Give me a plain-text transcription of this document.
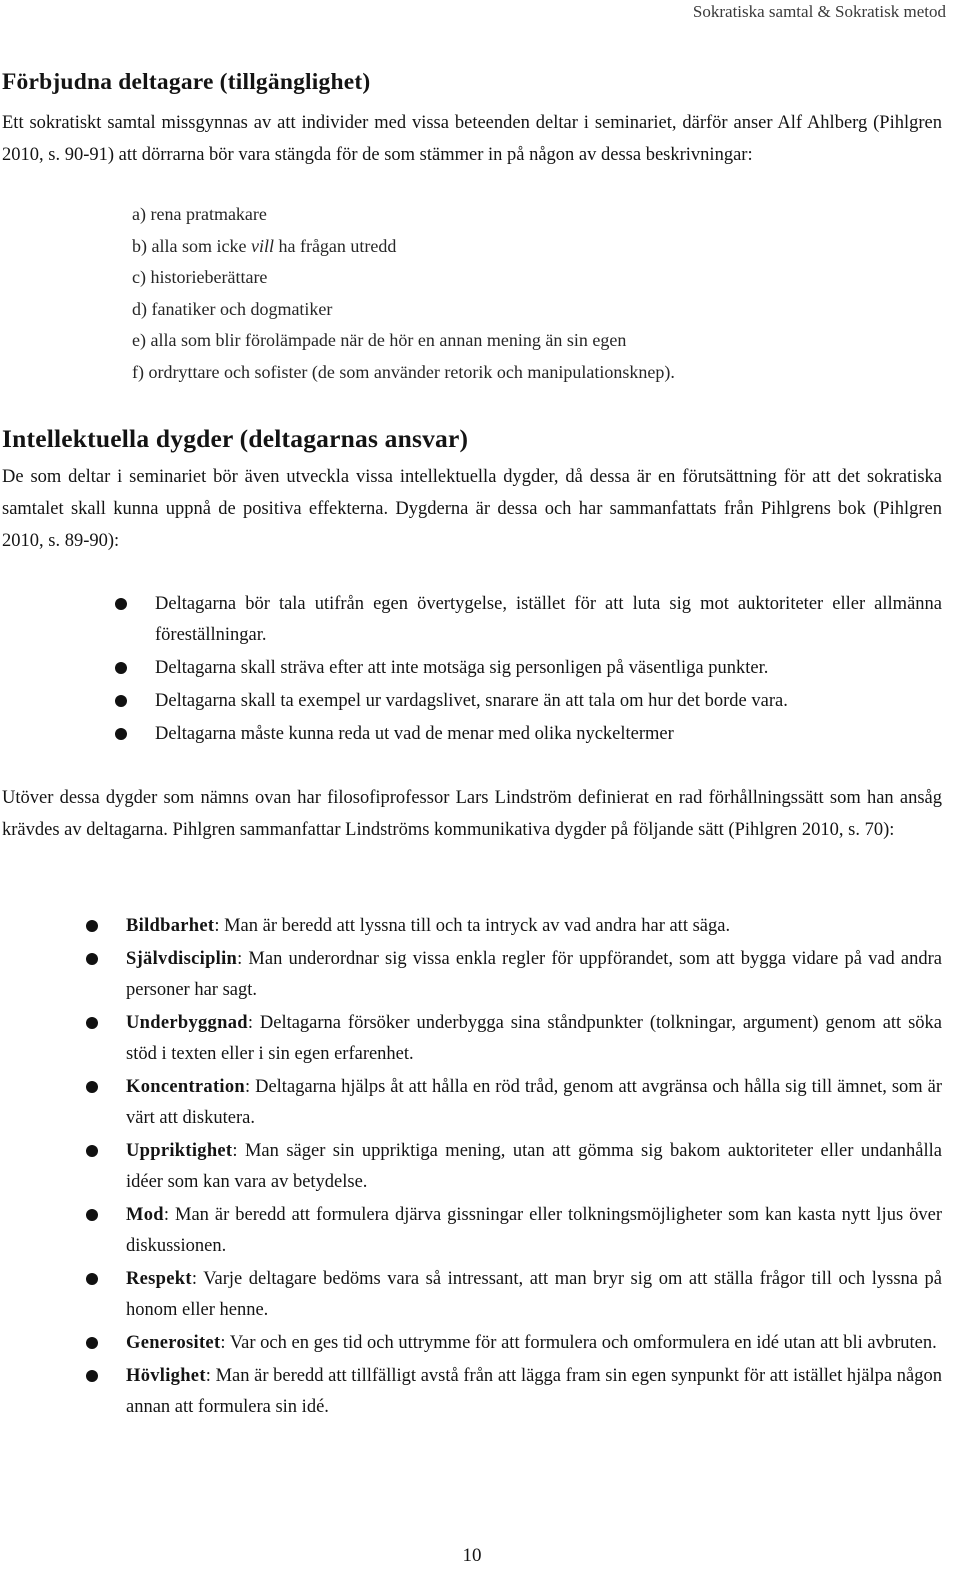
Sokratiska samtal & Sokratisk metod
Förbjudna deltagare (tillgänglighet)

Ett sokratiskt samtal missgynnas av att individer med vissa beteenden deltar i seminariet, därför anser Alf Ahlberg (Pihlgren 2010, s. 90-91) att dörrarna bör vara stängda för de som stämmer in på någon av dessa beskrivningar:

a) rena pratmakare
b) alla som icke vill ha frågan utredd
c) historieberättare
d) fanatiker och dogmatiker
e) alla som blir förolämpade när de hör en annan mening än sin egen
f) ordryttare och sofister (de som använder retorik och manipulationsknep).
Intellektuella dygder (deltagarnas ansvar)

De som deltar i seminariet bör även utveckla vissa intellektuella dygder, då dessa är en förutsättning för att det sokratiska samtalet skall kunna uppnå de positiva effekterna. Dygderna är dessa och har sammanfattats från Pihlgrens bok (Pihlgren 2010, s. 89-90):

Deltagarna bör tala utifrån egen övertygelse, istället för att luta sig mot auktoriteter eller allmänna föreställningar.
Deltagarna skall sträva efter att inte motsäga sig personligen på väsentliga punkter.
Deltagarna skall ta exempel ur vardagslivet, snarare än att tala om hur det borde vara.
Deltagarna måste kunna reda ut vad de menar med olika nyckeltermer

Utöver dessa dygder som nämns ovan har filosofiprofessor Lars Lindström definierat en rad förhållningssätt som han ansåg krävdes av deltagarna. Pihlgren sammanfattar Lindströms kommunikativa dygder på följande sätt (Pihlgren 2010, s. 70):

Bildbarhet: Man är beredd att lyssna till och ta intryck av vad andra har att säga.
Självdisciplin: Man underordnar sig vissa enkla regler för uppförandet, som att bygga vidare på vad andra personer har sagt.
Underbyggnad: Deltagarna försöker underbygga sina ståndpunkter (tolkningar, argument) genom att söka stöd i texten eller i sin egen erfarenhet.
Koncentration: Deltagarna hjälps åt att hålla en röd tråd, genom att avgränsa och hålla sig till ämnet, som är värt att diskutera.
Uppriktighet: Man säger sin uppriktiga mening, utan att gömma sig bakom auktoriteter eller undanhålla idéer som kan vara av betydelse.
Mod: Man är beredd att formulera djärva gissningar eller tolkningsmöjligheter som kan kasta nytt ljus över diskussionen.
Respekt: Varje deltagare bedöms vara så intressant, att man bryr sig om att ställa frågor till och lyssna på honom eller henne.
Generositet: Var och en ges tid och uttrymme för att formulera och omformulera en idé utan att bli avbruten.
Hövlighet: Man är beredd att tillfälligt avstå från att lägga fram sin egen synpunkt för att istället hjälpa någon annan att formulera sin idé.
10
